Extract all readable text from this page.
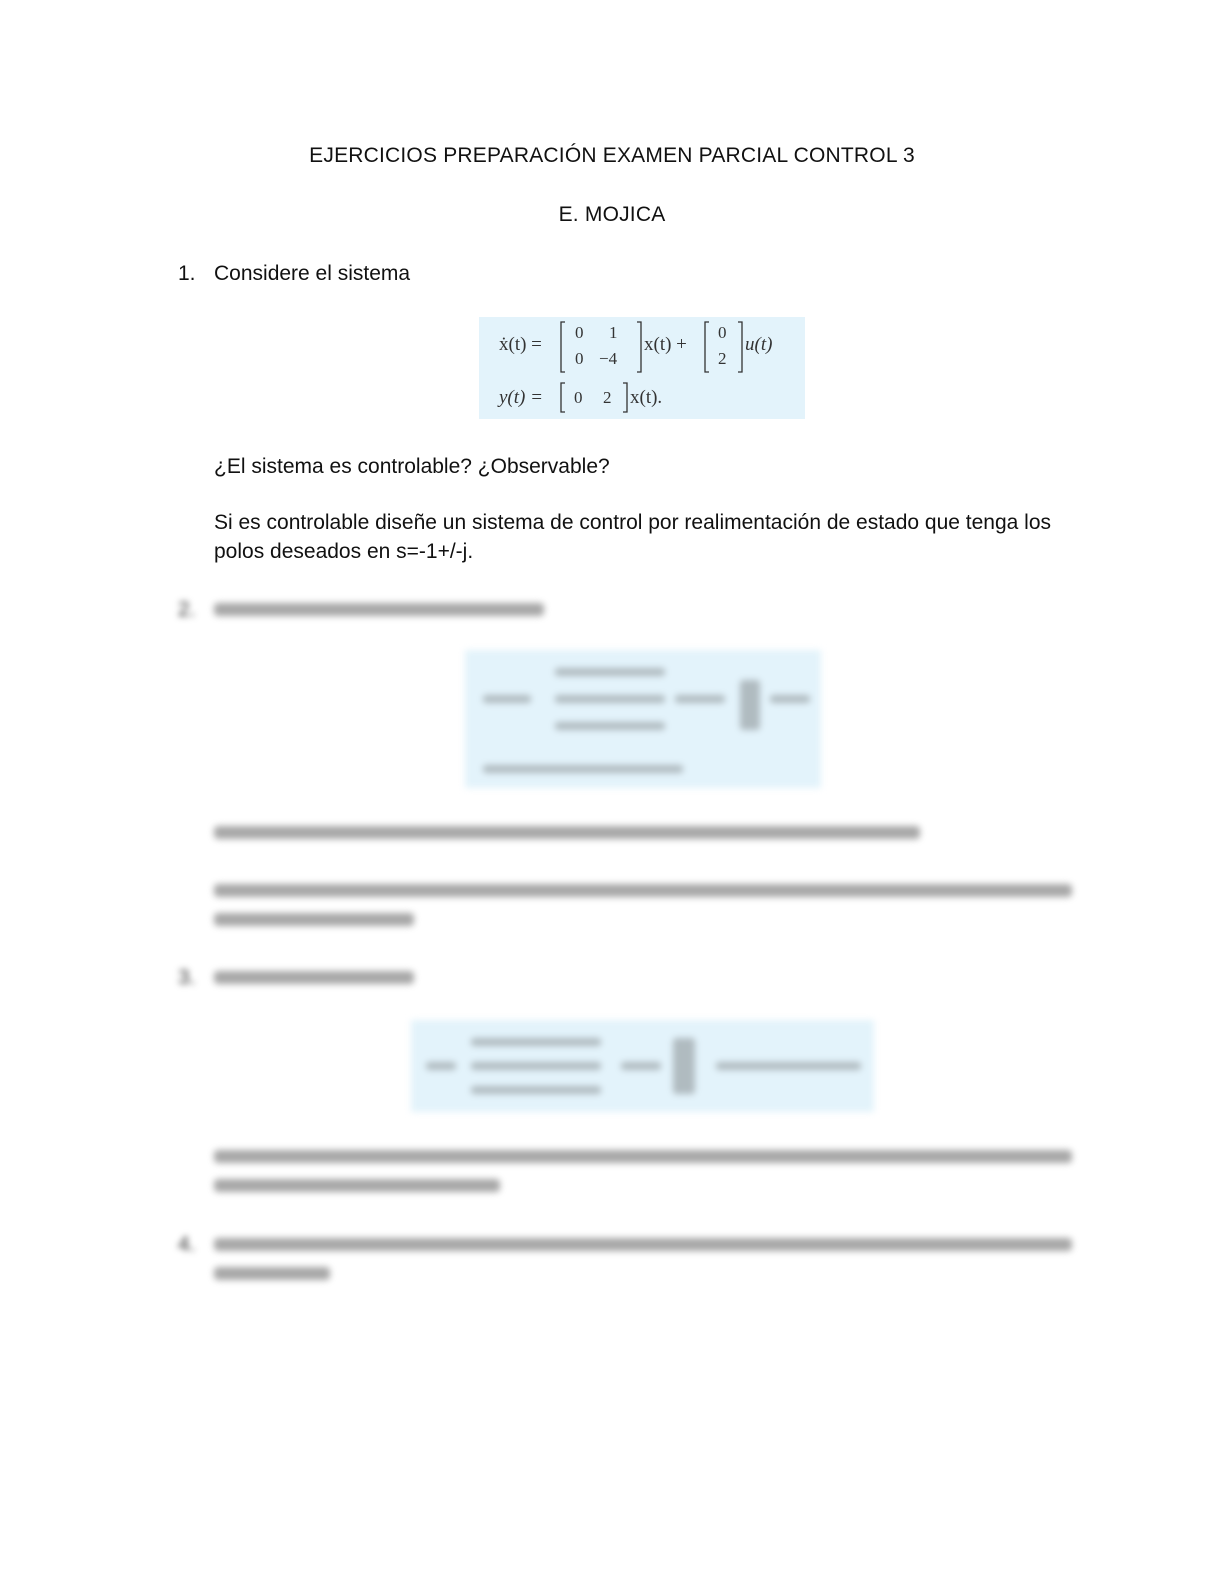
EJERCICIOS PREPARACIÓN EXAMEN PARCIAL CONTROL 3
E. MOJICA
1. Considere el sistema
ẋ(t) =
0 1
0 −4
x(t) +
0
2
u(t)
y(t) = 0 2 x(t).
¿El sistema es controlable? ¿Observable?
Si es controlable diseñe un sistema de control por realimentación de estado que tenga los polos deseados en s=-1+/-j.
2.
3.
4.
